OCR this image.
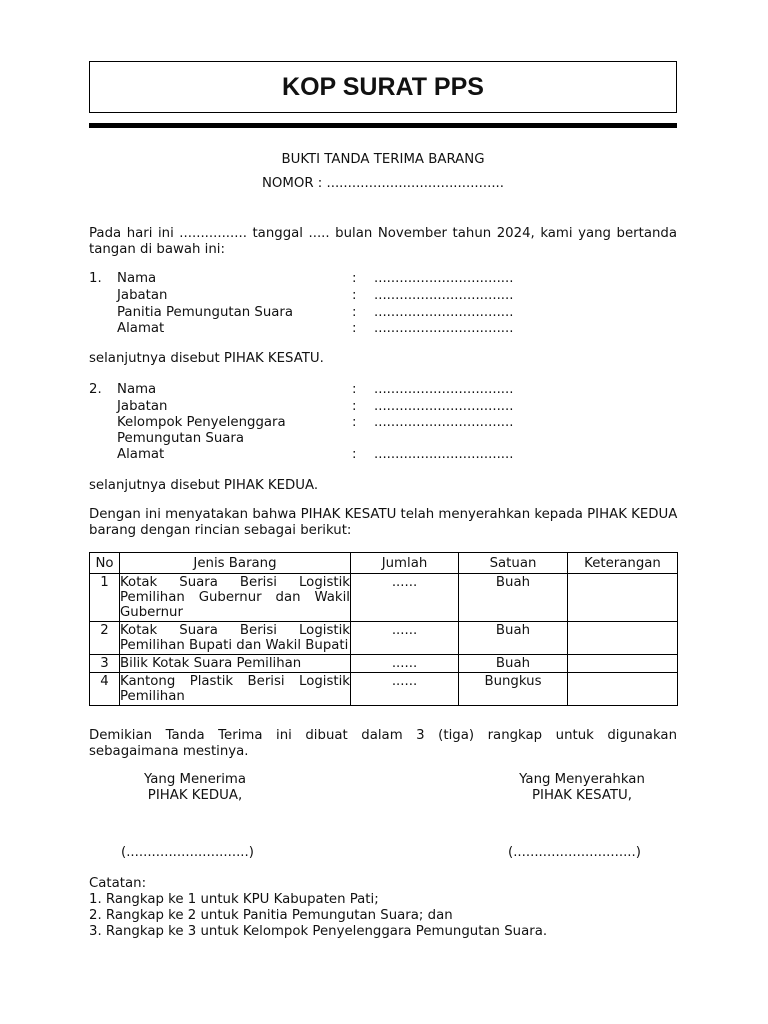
KOP SURAT PPS
BUKTI TANDA TERIMA BARANG
NOMOR : ..........................................
Pada hari ini ................ tanggal ..... bulan November tahun 2024, kami yang bertanda tangan di bawah ini:
1. Nama	: .................................
Jabatan	: .................................
Panitia Pemungutan Suara	: .................................
Alamat	: .................................
selanjutnya disebut PIHAK KESATU.
2. Nama	: .................................
Jabatan	: .................................
Kelompok Penyelenggara Pemungutan Suara
: .................................
Alamat	: .................................
selanjutnya disebut PIHAK KEDUA.
Dengan ini menyatakan bahwa PIHAK KESATU telah menyerahkan kepada PIHAK KEDUA barang dengan rincian sebagai berikut:
No	Jenis Barang	Jumlah	Satuan	Keterangan
1	Kotak Suara Berisi Logistik Pemilihan Gubernur dan Wakil Gubernur	......	Buah	
2	Kotak Suara Berisi Logistik Pemilihan Bupati dan Wakil Bupati	......	Buah	
3	Bilik Kotak Suara Pemilihan	......	Buah	
4	Kantong Plastik Berisi Logistik Pemilihan	......	Bungkus	
Demikian Tanda Terima ini dibuat dalam 3 (tiga) rangkap untuk digunakan sebagaimana mestinya.
Yang Menerima
PIHAK KEDUA,
(.............................)
Yang Menyerahkan
PIHAK KESATU,
(.............................)
Catatan:
1. Rangkap ke 1 untuk KPU Kabupaten Pati;
2. Rangkap ke 2 untuk Panitia Pemungutan Suara; dan
3. Rangkap ke 3 untuk Kelompok Penyelenggara Pemungutan Suara.
